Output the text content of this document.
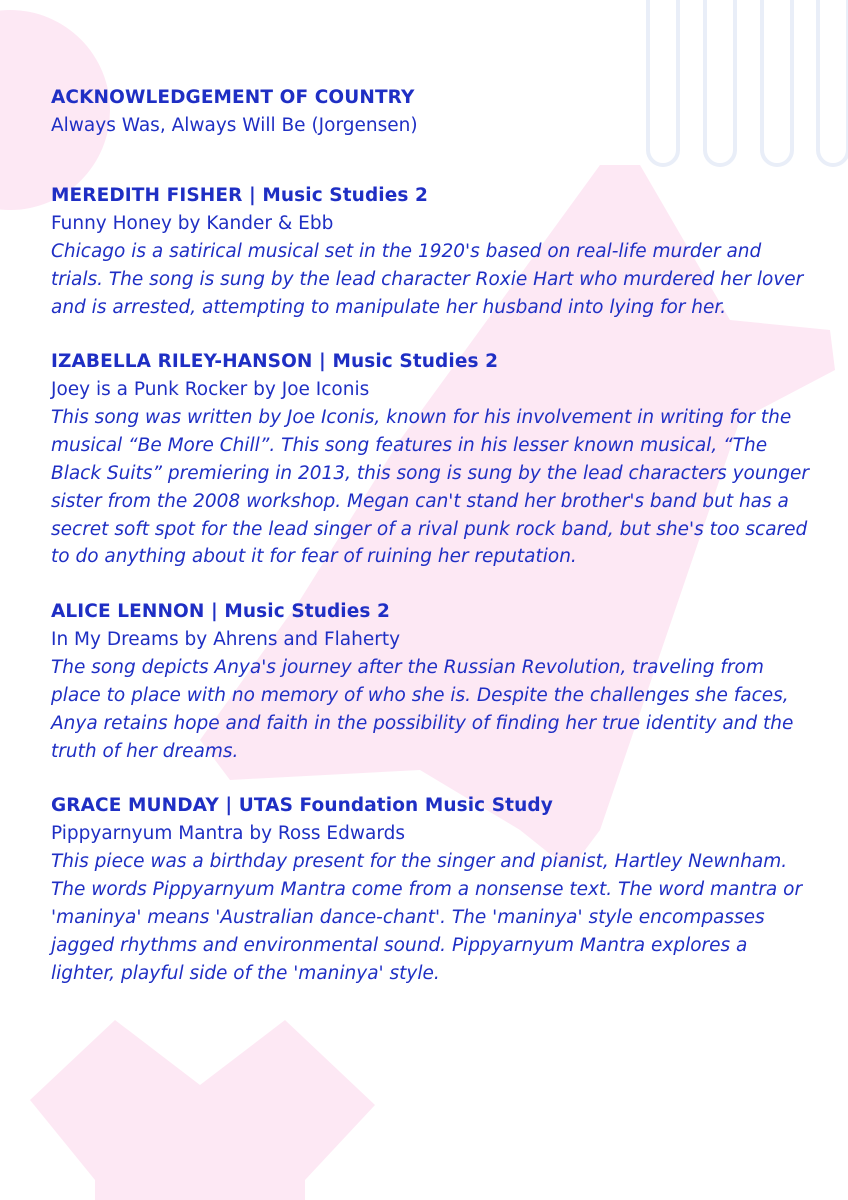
ACKNOWLEDGEMENT OF COUNTRY

Always Was, Always Will Be (Jorgensen)

MEREDITH FISHER | Music Studies 2

Funny Honey by Kander & Ebb

Chicago is a satirical musical set in the 1920's based on real-life murder and trials. The song is sung by the lead character Roxie Hart who murdered her lover and is arrested, attempting to manipulate her husband into lying for her.

IZABELLA RILEY-HANSON | Music Studies 2

Joey is a Punk Rocker by Joe Iconis

This song was written by Joe Iconis, known for his involvement in writing for the musical “Be More Chill”. This song features in his lesser known musical, “The Black Suits” premiering in 2013, this song is sung by the lead characters younger sister from the 2008 workshop. Megan can't stand her brother's band but has a secret soft spot for the lead singer of a rival punk rock band, but she's too scared to do anything about it for fear of ruining her reputation.

ALICE LENNON | Music Studies 2

In My Dreams by Ahrens and Flaherty

The song depicts Anya's journey after the Russian Revolution, traveling from place to place with no memory of who she is. Despite the challenges she faces, Anya retains hope and faith in the possibility of finding her true identity and the truth of her dreams.

GRACE MUNDAY | UTAS Foundation Music Study

Pippyarnyum Mantra by Ross Edwards

This piece was a birthday present for the singer and pianist, Hartley Newnham. The words Pippyarnyum Mantra come from a nonsense text. The word mantra or 'maninya' means 'Australian dance-chant'. The 'maninya' style encompasses jagged rhythms and environmental sound. Pippyarnyum Mantra explores a lighter, playful side of the 'maninya' style.
